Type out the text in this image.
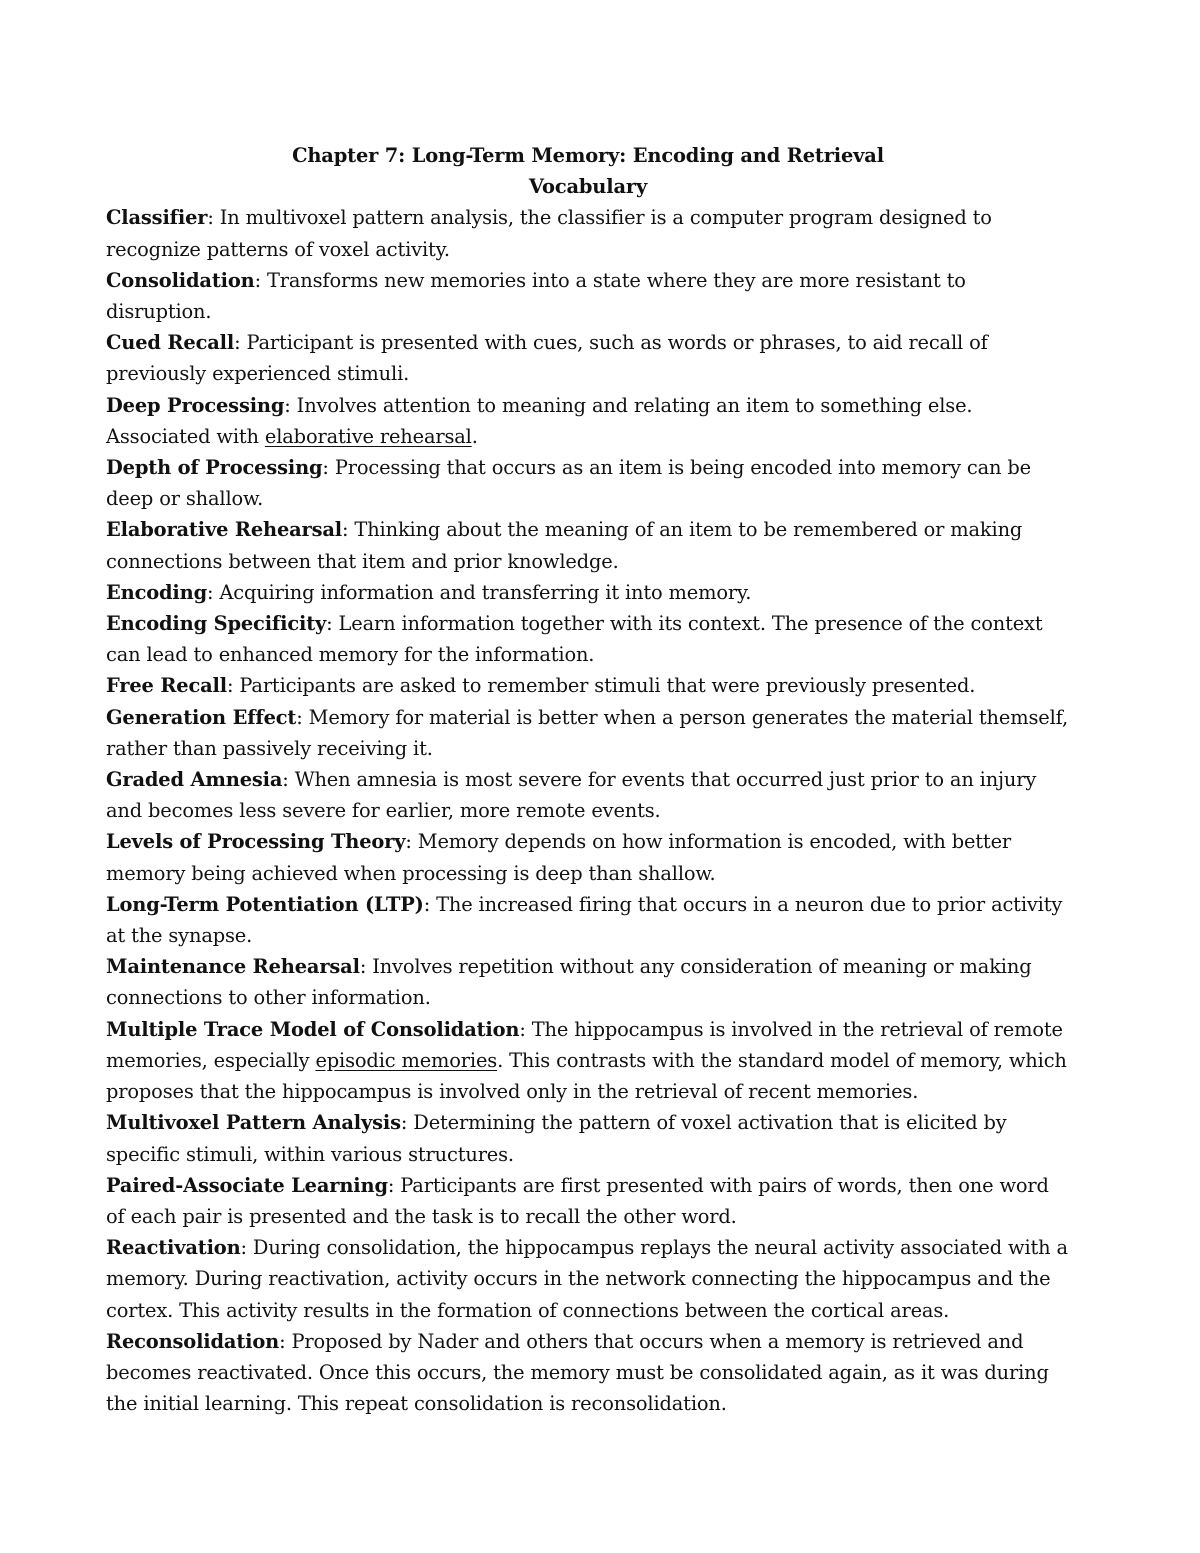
Chapter 7: Long-Term Memory: Encoding and Retrieval

Vocabulary

Classifier: In multivoxel pattern analysis, the classifier is a computer program designed to recognize patterns of voxel activity.

Consolidation: Transforms new memories into a state where they are more resistant to disruption.

Cued Recall: Participant is presented with cues, such as words or phrases, to aid recall of previously experienced stimuli.

Deep Processing: Involves attention to meaning and relating an item to something else. Associated with elaborative rehearsal.

Depth of Processing: Processing that occurs as an item is being encoded into memory can be deep or shallow.

Elaborative Rehearsal: Thinking about the meaning of an item to be remembered or making connections between that item and prior knowledge.

Encoding: Acquiring information and transferring it into memory.

Encoding Specificity: Learn information together with its context. The presence of the context can lead to enhanced memory for the information.

Free Recall: Participants are asked to remember stimuli that were previously presented.

Generation Effect: Memory for material is better when a person generates the material themself, rather than passively receiving it.

Graded Amnesia: When amnesia is most severe for events that occurred just prior to an injury and becomes less severe for earlier, more remote events.

Levels of Processing Theory: Memory depends on how information is encoded, with better memory being achieved when processing is deep than shallow.

Long-Term Potentiation (LTP): The increased firing that occurs in a neuron due to prior activity at the synapse.

Maintenance Rehearsal: Involves repetition without any consideration of meaning or making connections to other information.

Multiple Trace Model of Consolidation: The hippocampus is involved in the retrieval of remote memories, especially episodic memories. This contrasts with the standard model of memory, which proposes that the hippocampus is involved only in the retrieval of recent memories.

Multivoxel Pattern Analysis: Determining the pattern of voxel activation that is elicited by specific stimuli, within various structures.

Paired-Associate Learning: Participants are first presented with pairs of words, then one word of each pair is presented and the task is to recall the other word.

Reactivation: During consolidation, the hippocampus replays the neural activity associated with a memory. During reactivation, activity occurs in the network connecting the hippocampus and the cortex. This activity results in the formation of connections between the cortical areas.

Reconsolidation: Proposed by Nader and others that occurs when a memory is retrieved and becomes reactivated. Once this occurs, the memory must be consolidated again, as it was during the initial learning. This repeat consolidation is reconsolidation.
